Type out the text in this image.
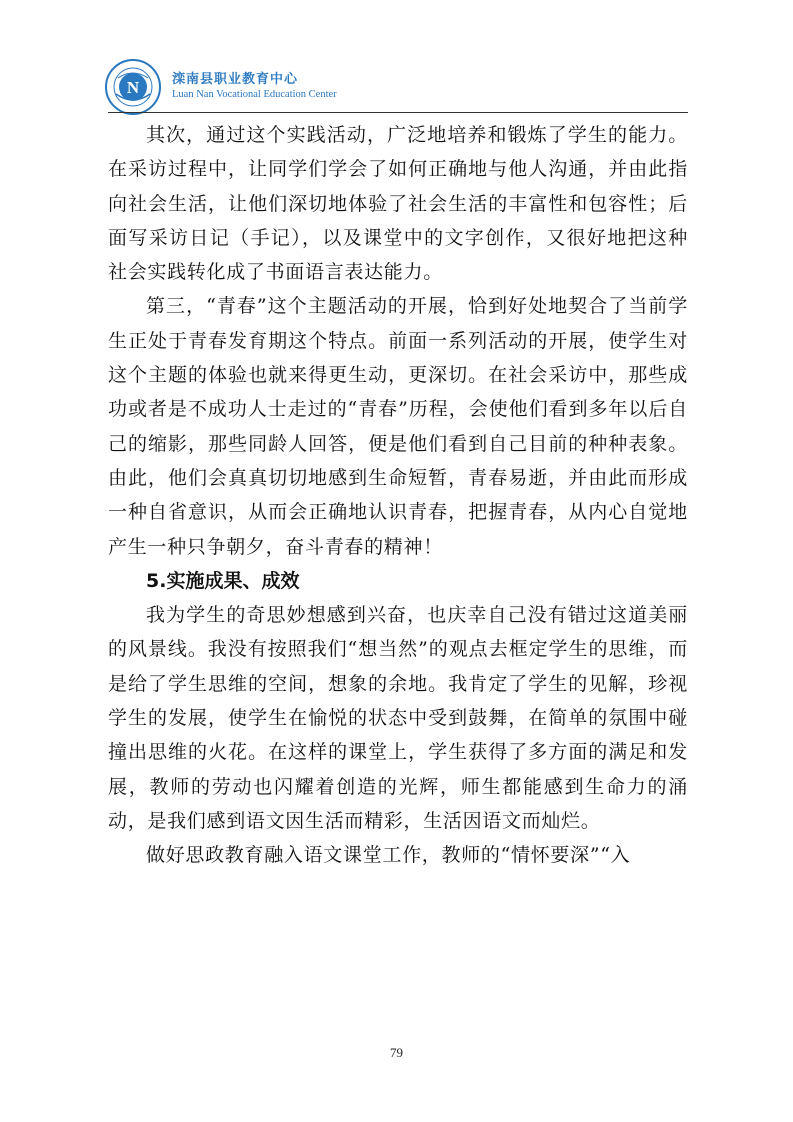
N	滦南县职业教育中心
Luan Nan Vocational Education Center

其次，通过这个实践活动，广泛地培养和锻炼了学生的能力。在采访过程中，让同学们学会了如何正确地与他人沟通，并由此指向社会生活，让他们深切地体验了社会生活的丰富性和包容性；后面写采访日记（手记），以及课堂中的文字创作，又很好地把这种社会实践转化成了书面语言表达能力。

第三，“青春”这个主题活动的开展，恰到好处地契合了当前学生正处于青春发育期这个特点。前面一系列活动的开展，使学生对这个主题的体验也就来得更生动，更深切。在社会采访中，那些成功或者是不成功人士走过的“青春”历程，会使他们看到多年以后自己的缩影，那些同龄人回答，便是他们看到自己目前的种种表象。由此，他们会真真切切地感到生命短暂，青春易逝，并由此而形成一种自省意识，从而会正确地认识青春，把握青春，从内心自觉地产生一种只争朝夕，奋斗青春的精神！

5.实施成果、成效

我为学生的奇思妙想感到兴奋，也庆幸自己没有错过这道美丽的风景线。我没有按照我们“想当然”的观点去框定学生的思维，而是给了学生思维的空间，想象的余地。我肯定了学生的见解，珍视学生的发展，使学生在愉悦的状态中受到鼓舞，在简单的氛围中碰撞出思维的火花。在这样的课堂上，学生获得了多方面的满足和发展，教师的劳动也闪耀着创造的光辉，师生都能感到生命力的涌动，是我们感到语文因生活而精彩，生活因语文而灿烂。

做好思政教育融入语文课堂工作，教师的“情怀要深”“入

79
